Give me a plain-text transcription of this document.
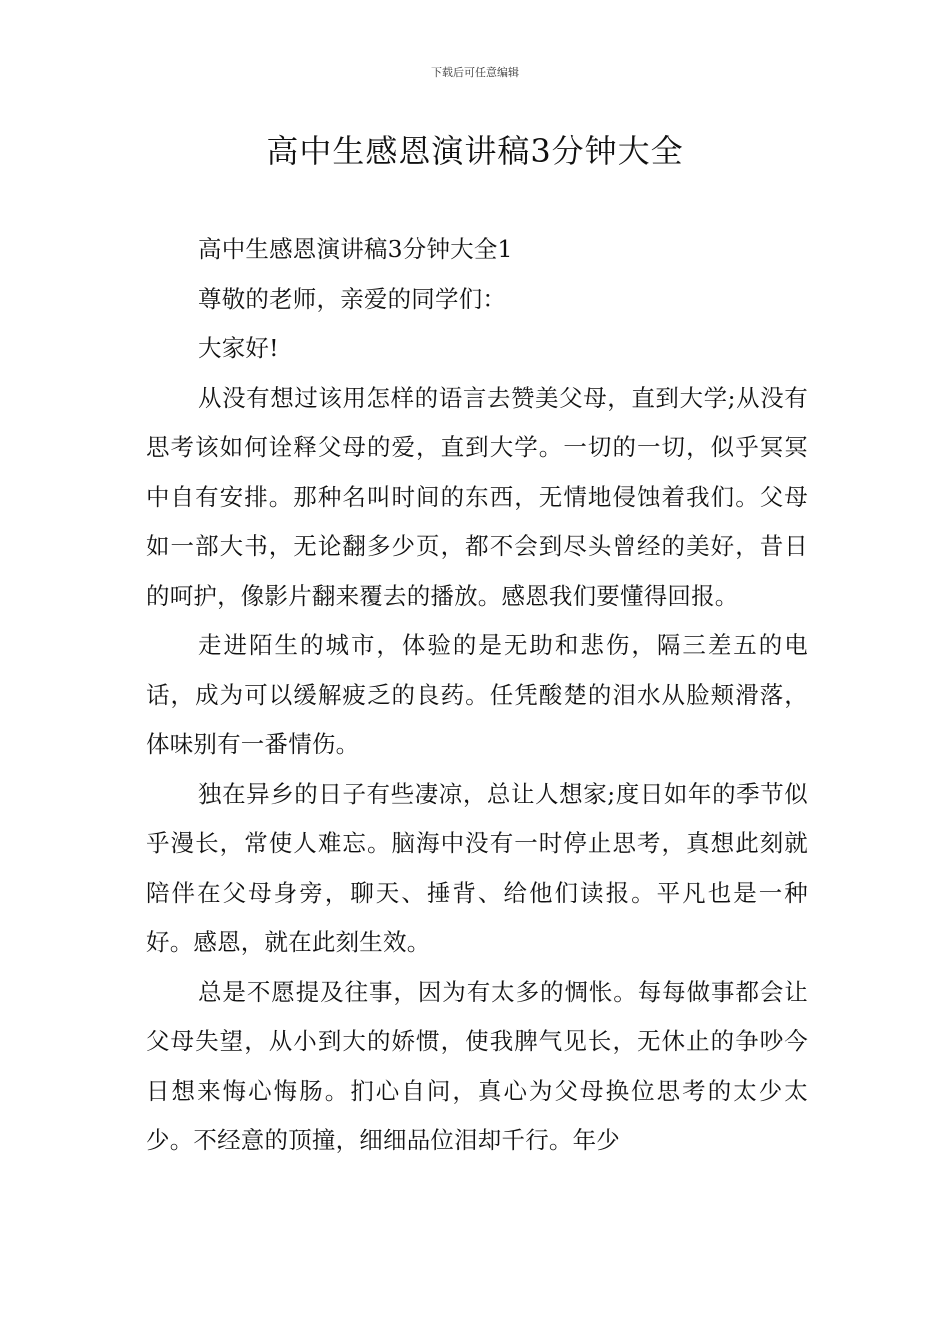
下载后可任意编辑
高中生感恩演讲稿3分钟大全

高中生感恩演讲稿3分钟大全1

尊敬的老师，亲爱的同学们：

大家好!

从没有想过该用怎样的语言去赞美父母，直到大学;从没有思考该如何诠释父母的爱，直到大学。一切的一切，似乎冥冥中自有安排。那种名叫时间的东西，无情地侵蚀着我们。父母如一部大书，无论翻多少页，都不会到尽头曾经的美好，昔日的呵护，像影片翻来覆去的播放。感恩我们要懂得回报。

走进陌生的城市，体验的是无助和悲伤，隔三差五的电话，成为可以缓解疲乏的良药。任凭酸楚的泪水从脸颊滑落，体味别有一番情伤。

独在异乡的日子有些凄凉，总让人想家;度日如年的季节似乎漫长，常使人难忘。脑海中没有一时停止思考，真想此刻就陪伴在父母身旁，聊天、捶背、给他们读报。平凡也是一种好。感恩，就在此刻生效。

总是不愿提及往事，因为有太多的惆怅。每每做事都会让父母失望，从小到大的娇惯，使我脾气见长，无休止的争吵今日想来悔心悔肠。扪心自问，真心为父母换位思考的太少太少。不经意的顶撞，细细品位泪却千行。年少
